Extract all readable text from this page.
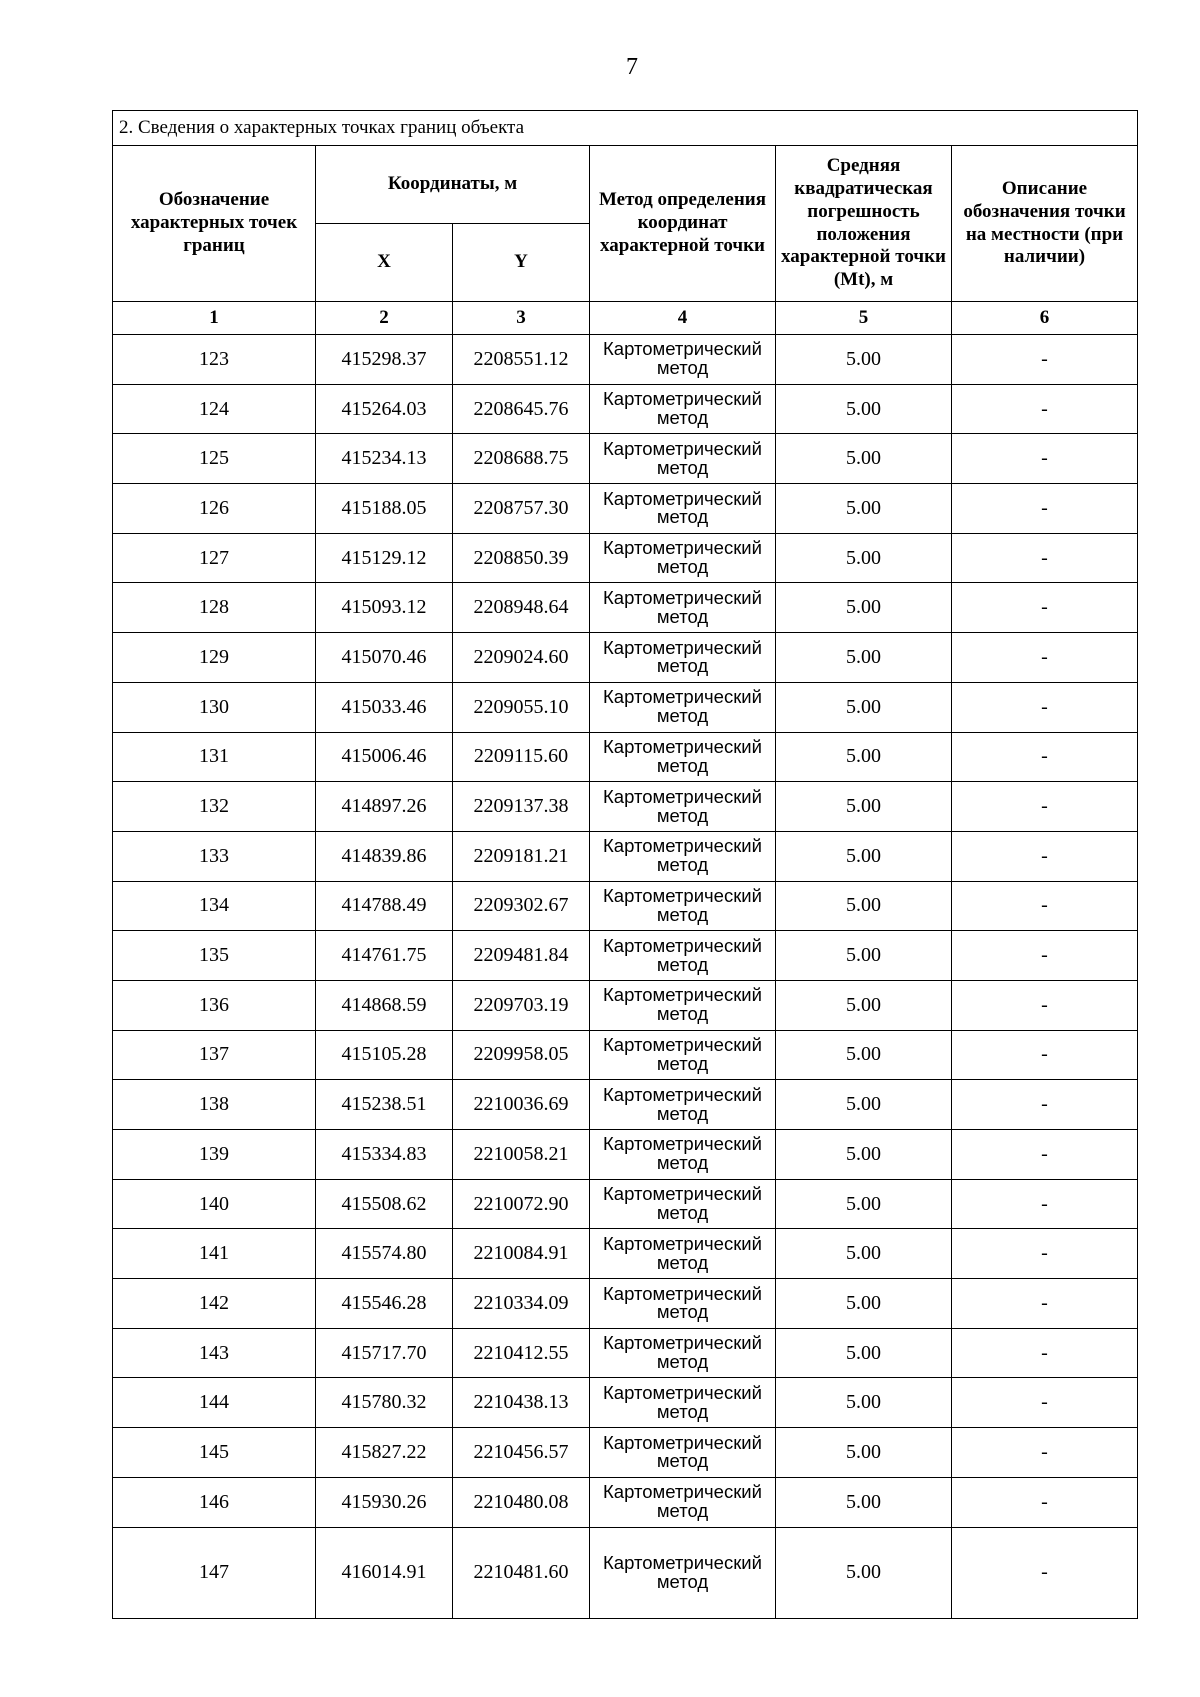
7
2. Сведения о характерных точках границ объекта					
Обозначение характерных точек границ	Координаты, м		Метод определения координат характерной точки	Средняя квадратическая погрешность положения характерной точки (Mt), м	Описание обозначения точки на местности (при наличии)
	X	Y			
1	2	3	4	5	6
123	415298.37	2208551.12	Картометрический метод	5.00	-
124	415264.03	2208645.76	Картометрический метод	5.00	-
125	415234.13	2208688.75	Картометрический метод	5.00	-
126	415188.05	2208757.30	Картометрический метод	5.00	-
127	415129.12	2208850.39	Картометрический метод	5.00	-
128	415093.12	2208948.64	Картометрический метод	5.00	-
129	415070.46	2209024.60	Картометрический метод	5.00	-
130	415033.46	2209055.10	Картометрический метод	5.00	-
131	415006.46	2209115.60	Картометрический метод	5.00	-
132	414897.26	2209137.38	Картометрический метод	5.00	-
133	414839.86	2209181.21	Картометрический метод	5.00	-
134	414788.49	2209302.67	Картометрический метод	5.00	-
135	414761.75	2209481.84	Картометрический метод	5.00	-
136	414868.59	2209703.19	Картометрический метод	5.00	-
137	415105.28	2209958.05	Картометрический метод	5.00	-
138	415238.51	2210036.69	Картометрический метод	5.00	-
139	415334.83	2210058.21	Картометрический метод	5.00	-
140	415508.62	2210072.90	Картометрический метод	5.00	-
141	415574.80	2210084.91	Картометрический метод	5.00	-
142	415546.28	2210334.09	Картометрический метод	5.00	-
143	415717.70	2210412.55	Картометрический метод	5.00	-
144	415780.32	2210438.13	Картометрический метод	5.00	-
145	415827.22	2210456.57	Картометрический метод	5.00	-
146	415930.26	2210480.08	Картометрический метод	5.00	-
147	416014.91	2210481.60	Картометрический метод	5.00	-
